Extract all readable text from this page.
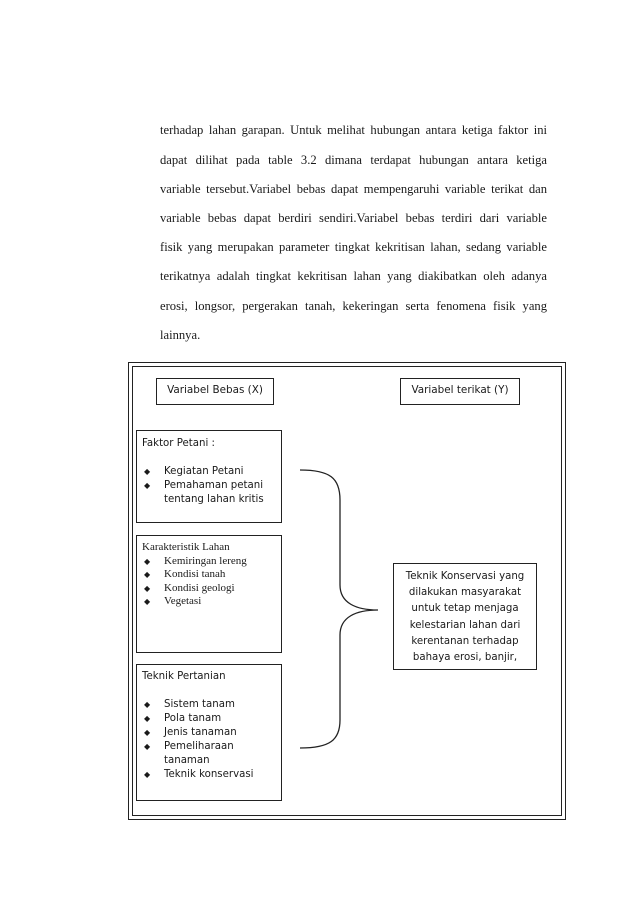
terhadap lahan garapan. Untuk melihat hubungan antara ketiga faktor ini
dapat dilihat pada table 3.2 dimana terdapat hubungan antara ketiga
variable tersebut.Variabel bebas dapat mempengaruhi variable terikat dan
variable bebas dapat berdiri sendiri.Variabel bebas terdiri dari variable
fisik yang merupakan parameter tingkat kekritisan lahan, sedang variable
terikatnya adalah tingkat kekritisan lahan yang diakibatkan oleh adanya
erosi, longsor, pergerakan tanah, kekeringan serta fenomena fisik yang
lainnya.
Variabel Bebas (X)	Variabel terikat (Y)
Faktor Petani :
◆ Kegiatan Petani
◆ Pemahaman petani
tentang lahan kritis
Karakteristik Lahan
◆ Kemiringan lereng
◆ Kondisi tanah
◆ Kondisi geologi
◆ Vegetasi
Teknik Pertanian
◆ Sistem tanam
◆ Pola tanam
◆ Jenis tanaman
◆ Pemeliharaan
tanaman
◆ Teknik konservasi
Teknik Konservasi yang
dilakukan masyarakat
untuk tetap menjaga
kelestarian lahan dari
kerentanan terhadap
bahaya erosi, banjir,
